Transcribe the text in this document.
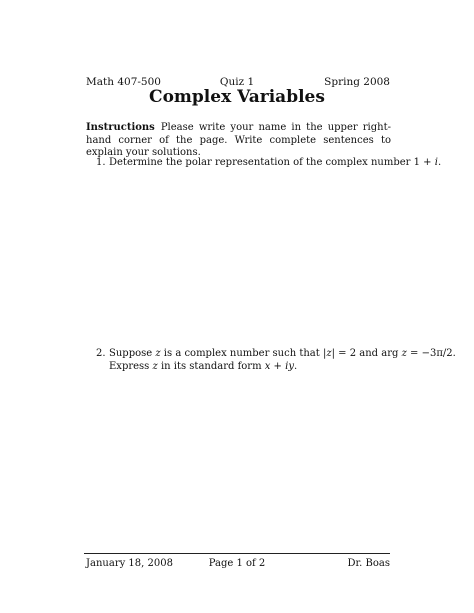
Quiz 1
Math 407-500	Spring 2008
Complex Variables
Instructions Please write your name in the upper right-hand corner of the page. Write complete sentences to explain your solutions.
1. Determine the polar representation of the complex number 1 + i.
2. Suppose z is a complex number such that |z| = 2 and arg z = −3π/2.
Express z in its standard form x + iy.
Page 1 of 2
January 18, 2008	Dr. Boas
